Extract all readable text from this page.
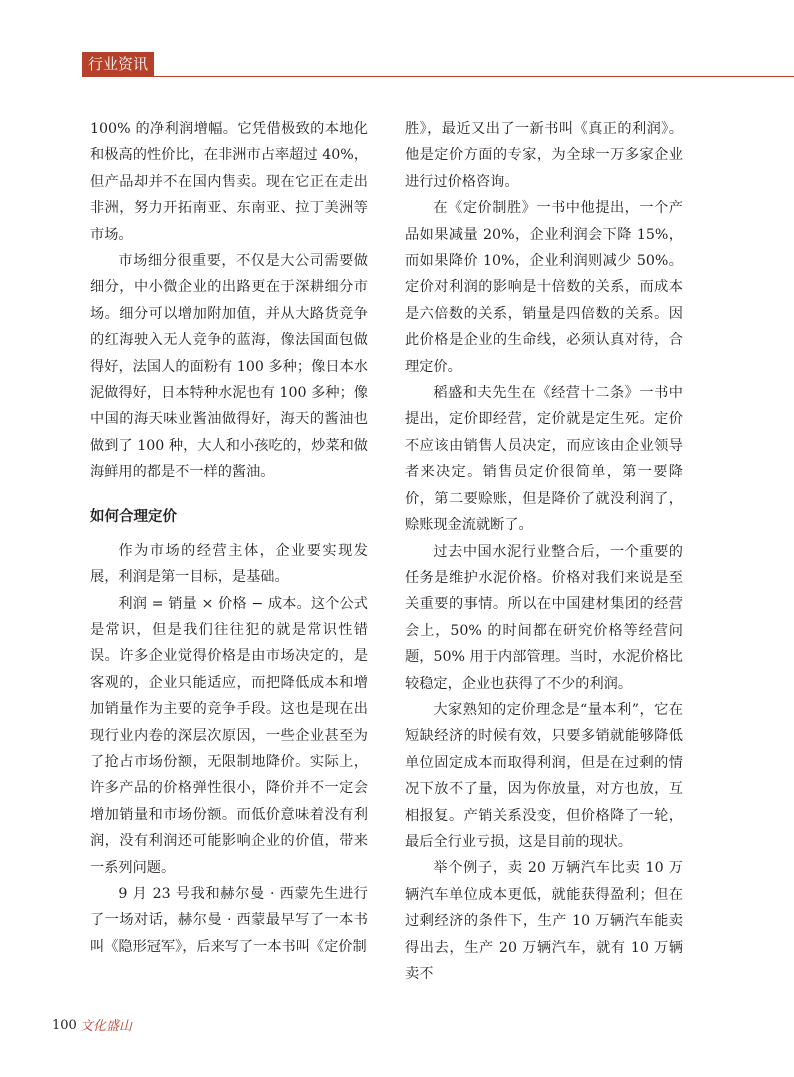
行业资讯

100% 的净利润增幅。它凭借极致的本地化和极高的性价比，在非洲市占率超过 40%，但产品却并不在国内售卖。现在它正在走出非洲，努力开拓南亚、东南亚、拉丁美洲等市场。

市场细分很重要，不仅是大公司需要做细分，中小微企业的出路更在于深耕细分市场。细分可以增加附加值，并从大路货竞争的红海驶入无人竞争的蓝海，像法国面包做得好，法国人的面粉有 100 多种；像日本水泥做得好，日本特种水泥也有 100 多种；像中国的海天味业酱油做得好，海天的酱油也做到了 100 种，大人和小孩吃的，炒菜和做海鲜用的都是不一样的酱油。

如何合理定价

作为市场的经营主体，企业要实现发展，利润是第一目标，是基础。

利润 = 销量 × 价格 − 成本。这个公式是常识，但是我们往往犯的就是常识性错误。许多企业觉得价格是由市场决定的，是客观的，企业只能适应，而把降低成本和增加销量作为主要的竞争手段。这也是现在出现行业内卷的深层次原因，一些企业甚至为了抢占市场份额，无限制地降价。实际上，许多产品的价格弹性很小，降价并不一定会增加销量和市场份额。而低价意味着没有利润，没有利润还可能影响企业的价值，带来一系列问题。

9 月 23 号我和赫尔曼 · 西蒙先生进行了一场对话，赫尔曼 · 西蒙最早写了一本书叫《隐形冠军》，后来写了一本书叫《定价制

胜》，最近又出了一新书叫《真正的利润》。他是定价方面的专家，为全球一万多家企业进行过价格咨询。

在《定价制胜》一书中他提出，一个产品如果减量 20%，企业利润会下降 15%，而如果降价 10%，企业利润则减少 50%。定价对利润的影响是十倍数的关系，而成本是六倍数的关系，销量是四倍数的关系。因此价格是企业的生命线，必须认真对待，合理定价。

稻盛和夫先生在《经营十二条》一书中提出，定价即经营，定价就是定生死。定价不应该由销售人员决定，而应该由企业领导者来决定。销售员定价很简单，第一要降价，第二要赊账，但是降价了就没利润了，赊账现金流就断了。

过去中国水泥行业整合后，一个重要的任务是维护水泥价格。价格对我们来说是至关重要的事情。所以在中国建材集团的经营会上，50% 的时间都在研究价格等经营问题，50% 用于内部管理。当时，水泥价格比较稳定，企业也获得了不少的利润。

大家熟知的定价理念是“量本利”，它在短缺经济的时候有效，只要多销就能够降低单位固定成本而取得利润，但是在过剩的情况下放不了量，因为你放量，对方也放，互相报复。产销关系没变，但价格降了一轮，最后全行业亏损，这是目前的现状。

举个例子，卖 20 万辆汽车比卖 10 万辆汽车单位成本更低，就能获得盈利；但在过剩经济的条件下，生产 10 万辆汽车能卖得出去，生产 20 万辆汽车，就有 10 万辆卖不

100 文化盛山
